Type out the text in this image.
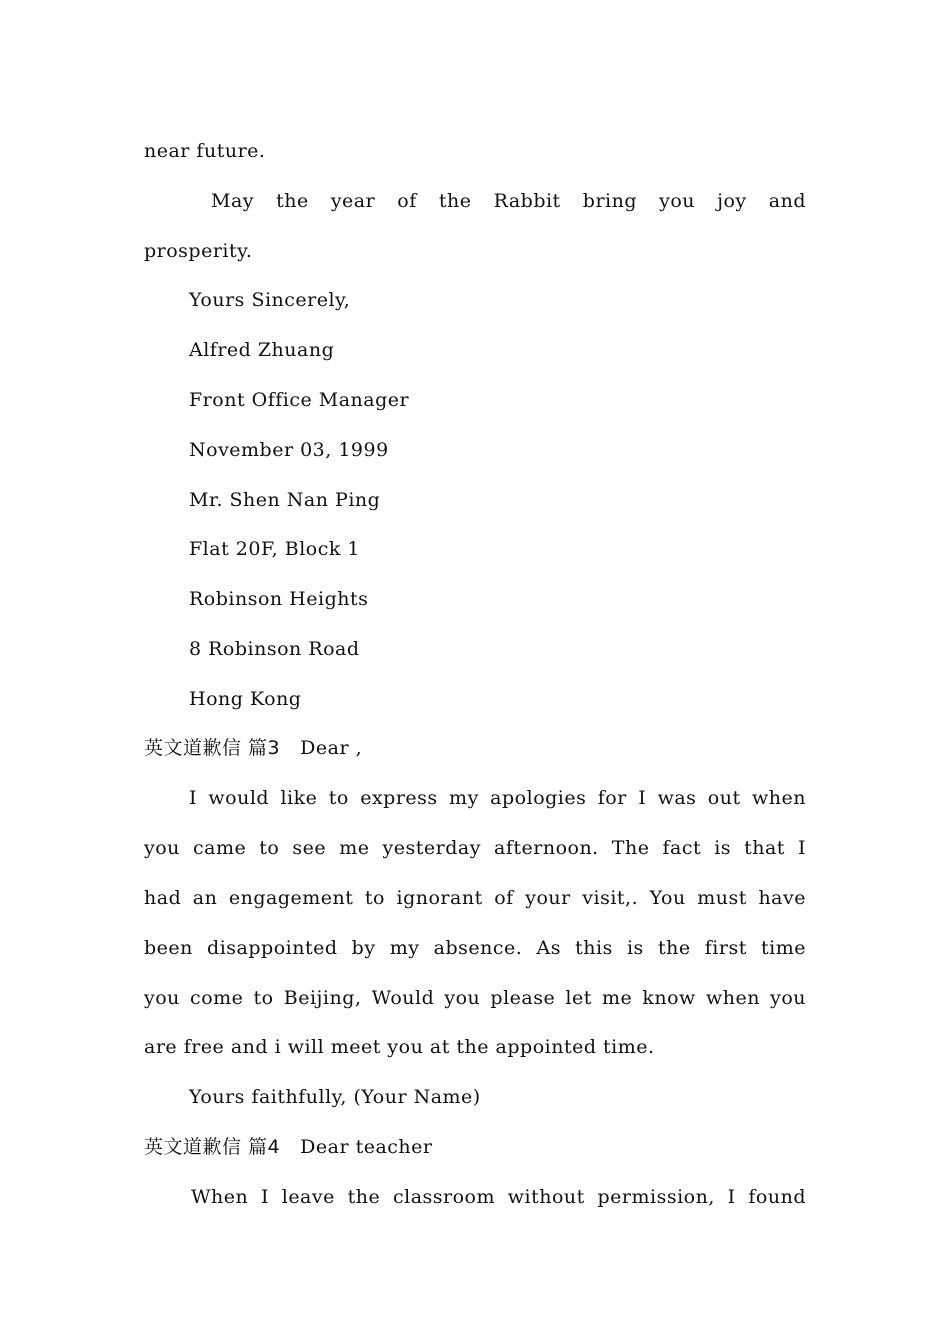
near future.
May the year of the Rabbit bring you joy and
prosperity.
Yours Sincerely,
Alfred Zhuang
Front Office Manager
November 03, 1999
Mr. Shen Nan Ping
Flat 20F, Block 1
Robinson Heights
8 Robinson Road
Hong Kong
英文道歉信 篇3 Dear ,
I would like to express my apologies for I was out when
you came to see me yesterday afternoon. The fact is that I
had an engagement to ignorant of your visit,. You must have
been disappointed by my absence. As this is the first time
you come to Beijing, Would you please let me know when you
are free and i will meet you at the appointed time.
Yours faithfully, (Your Name)
英文道歉信 篇4 Dear teacher
When I leave the classroom without permission, I found
